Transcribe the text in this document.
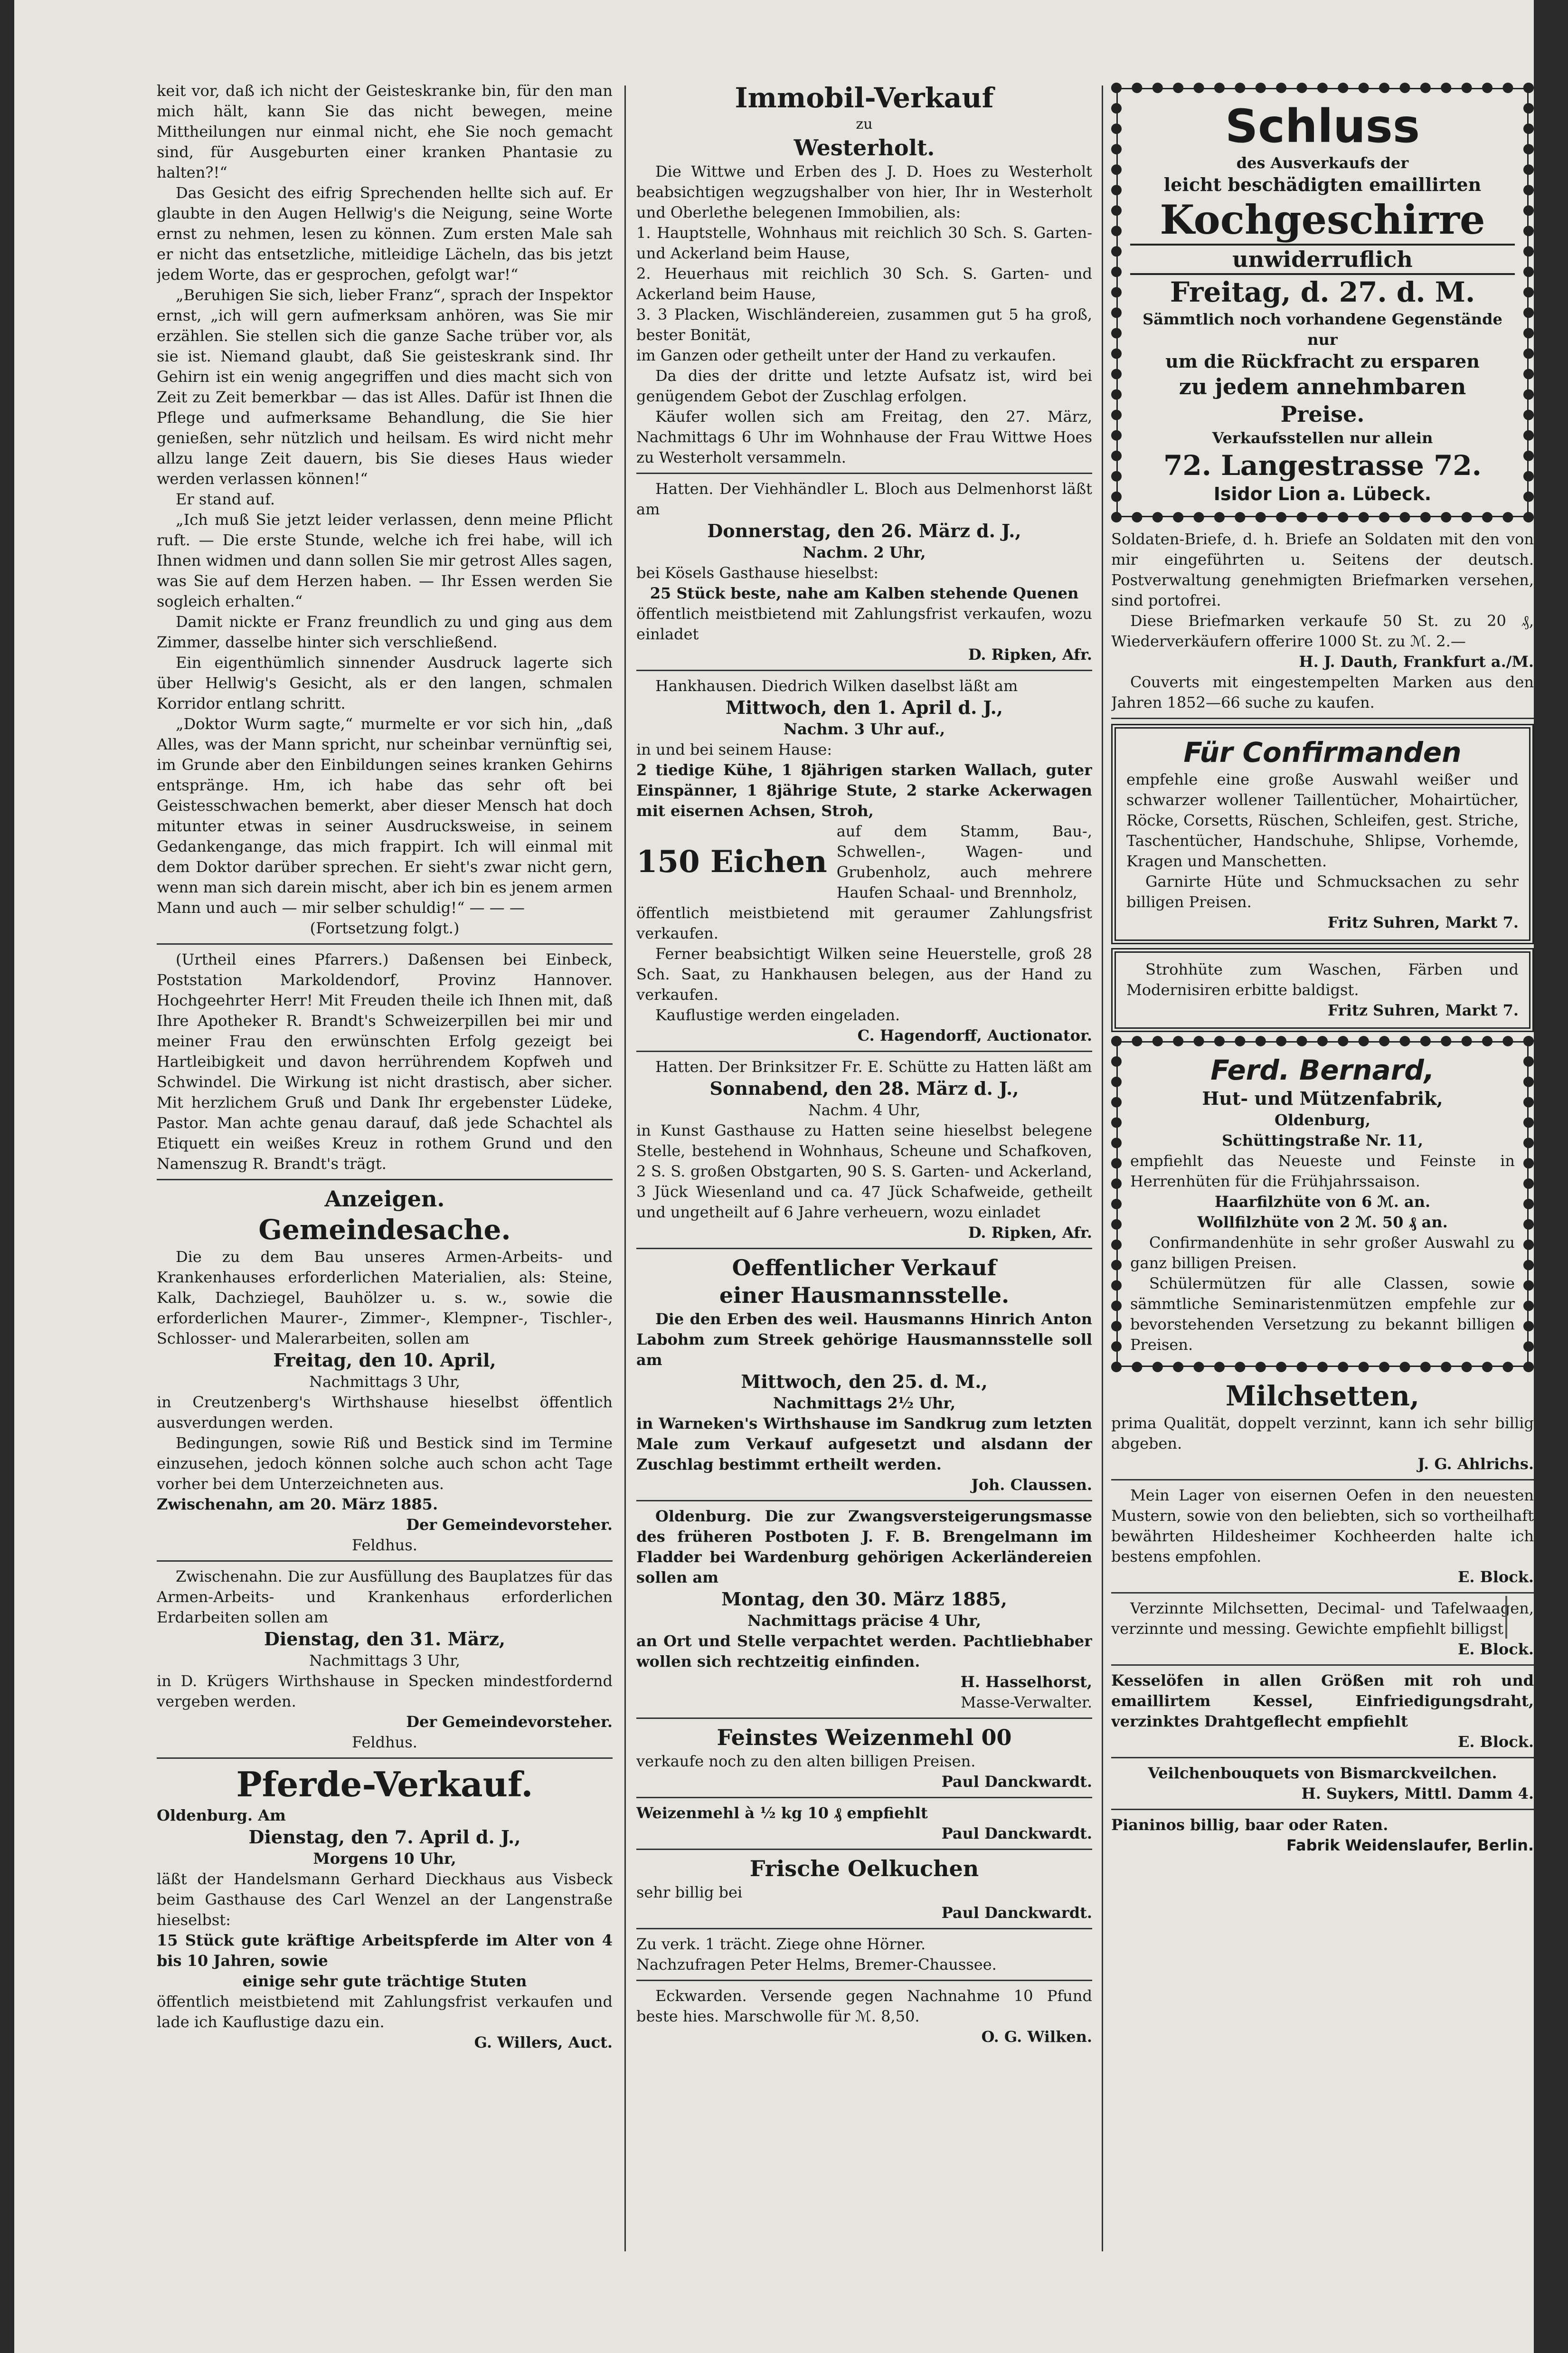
keit vor, daß ich nicht der Geisteskranke bin, für den man mich hält, kann Sie das nicht bewegen, meine Mittheilungen nur einmal nicht, ehe Sie noch gemacht sind, für Ausgeburten einer kranken Phantasie zu halten?!“

Das Gesicht des eifrig Sprechenden hellte sich auf. Er glaubte in den Augen Hellwig's die Neigung, seine Worte ernst zu nehmen, lesen zu können. Zum ersten Male sah er nicht das entsetzliche, mitleidige Lächeln, das bis jetzt jedem Worte, das er gesprochen, gefolgt war!“

„Beruhigen Sie sich, lieber Franz“, sprach der Inspektor ernst, „ich will gern aufmerksam anhören, was Sie mir erzählen. Sie stellen sich die ganze Sache trüber vor, als sie ist. Niemand glaubt, daß Sie geisteskrank sind. Ihr Gehirn ist ein wenig angegriffen und dies macht sich von Zeit zu Zeit bemerkbar — das ist Alles. Dafür ist Ihnen die Pflege und aufmerksame Behandlung, die Sie hier genießen, sehr nützlich und heilsam. Es wird nicht mehr allzu lange Zeit dauern, bis Sie dieses Haus wieder werden verlassen können!“

Er stand auf.

„Ich muß Sie jetzt leider verlassen, denn meine Pflicht ruft. — Die erste Stunde, welche ich frei habe, will ich Ihnen widmen und dann sollen Sie mir getrost Alles sagen, was Sie auf dem Herzen haben. — Ihr Essen werden Sie sogleich erhalten.“

Damit nickte er Franz freundlich zu und ging aus dem Zimmer, dasselbe hinter sich verschließend.

Ein eigenthümlich sinnender Ausdruck lagerte sich über Hellwig's Gesicht, als er den langen, schmalen Korridor entlang schritt.

„Doktor Wurm sagte,“ murmelte er vor sich hin, „daß Alles, was der Mann spricht, nur scheinbar vernünftig sei, im Grunde aber den Einbildungen seines kranken Gehirns entspränge. Hm, ich habe das sehr oft bei Geistesschwachen bemerkt, aber dieser Mensch hat doch mitunter etwas in seiner Ausdrucksweise, in seinem Gedankengange, das mich frappirt. Ich will einmal mit dem Doktor darüber sprechen. Er sieht's zwar nicht gern, wenn man sich darein mischt, aber ich bin es jenem armen Mann und auch — mir selber schuldig!“ — — —

(Fortsetzung folgt.)

(Urtheil eines Pfarrers.) Daßensen bei Einbeck, Poststation Markoldendorf, Provinz Hannover. Hochgeehrter Herr! Mit Freuden theile ich Ihnen mit, daß Ihre Apotheker R. Brandt's Schweizerpillen bei mir und meiner Frau den erwünschten Erfolg gezeigt bei Hartleibigkeit und davon herrührendem Kopfweh und Schwindel. Die Wirkung ist nicht drastisch, aber sicher. Mit herzlichem Gruß und Dank Ihr ergebenster Lüdeke, Pastor. Man achte genau darauf, daß jede Schachtel als Etiquett ein weißes Kreuz in rothem Grund und den Namenszug R. Brandt's trägt.

Anzeigen.

Gemeindesache.

Die zu dem Bau unseres Armen-Arbeits- und Krankenhauses erforderlichen Materialien, als: Steine, Kalk, Dachziegel, Bauhölzer u. s. w., sowie die erforderlichen Maurer-, Zimmer-, Klempner-, Tischler-, Schlosser- und Malerarbeiten, sollen am

Freitag, den 10. April,

Nachmittags 3 Uhr,

in Creutzenberg's Wirthshause hieselbst öffentlich ausverdungen werden.

Bedingungen, sowie Riß und Bestick sind im Termine einzusehen, jedoch können solche auch schon acht Tage vorher bei dem Unterzeichneten aus.

Zwischenahn, am 20. März 1885.

Der Gemeindevorsteher.

Feldhus.

Zwischenahn. Die zur Ausfüllung des Bauplatzes für das Armen-Arbeits- und Krankenhaus erforderlichen Erdarbeiten sollen am

Dienstag, den 31. März,

Nachmittags 3 Uhr,

in D. Krügers Wirthshause in Specken mindestfordernd vergeben werden.

Der Gemeindevorsteher.

Feldhus.

Pferde-Verkauf.

Oldenburg. Am

Dienstag, den 7. April d. J.,

Morgens 10 Uhr,

läßt der Handelsmann Gerhard Dieckhaus aus Visbeck beim Gasthause des Carl Wenzel an der Langenstraße hieselbst:

15 Stück gute kräftige Arbeitspferde im Alter von 4 bis 10 Jahren, sowie

einige sehr gute trächtige Stuten

öffentlich meistbietend mit Zahlungsfrist verkaufen und lade ich Kauflustige dazu ein.

G. Willers, Auct.

Immobil-Verkauf

zu

Westerholt.

Die Wittwe und Erben des J. D. Hoes zu Westerholt beabsichtigen wegzugshalber von hier, Ihr in Westerholt und Oberlethe belegenen Immobilien, als:

1. Hauptstelle, Wohnhaus mit reichlich 30 Sch. S. Garten- und Ackerland beim Hause,

2. Heuerhaus mit reichlich 30 Sch. S. Garten- und Ackerland beim Hause,

3. 3 Placken, Wischländereien, zusammen gut 5 ha groß, bester Bonität,

im Ganzen oder getheilt unter der Hand zu verkaufen.

Da dies der dritte und letzte Aufsatz ist, wird bei genügendem Gebot der Zuschlag erfolgen.

Käufer wollen sich am Freitag, den 27. März, Nachmittags 6 Uhr im Wohnhause der Frau Wittwe Hoes zu Westerholt versammeln.

Hatten. Der Viehhändler L. Bloch aus Delmenhorst läßt am

Donnerstag, den 26. März d. J.,

Nachm. 2 Uhr,

bei Kösels Gasthause hieselbst:

25 Stück beste, nahe am Kalben stehende Quenen

öffentlich meistbietend mit Zahlungsfrist verkaufen, wozu einladet

D. Ripken, Afr.

Hankhausen. Diedrich Wilken daselbst läßt am

Mittwoch, den 1. April d. J.,

Nachm. 3 Uhr auf.,

in und bei seinem Hause:

2 tiedige Kühe, 1 8jährigen starken Wallach, guter Einspänner, 1 8jährige Stute, 2 starke Ackerwagen mit eisernen Achsen, Stroh,

150 Eichen
auf dem Stamm, Bau-, Schwellen-, Wagen- und Grubenholz, auch mehrere Haufen Schaal- und Brennholz,

öffentlich meistbietend mit geraumer Zahlungsfrist verkaufen.

Ferner beabsichtigt Wilken seine Heuerstelle, groß 28 Sch. Saat, zu Hankhausen belegen, aus der Hand zu verkaufen.

Kauflustige werden eingeladen.

C. Hagendorff, Auctionator.

Hatten. Der Brinksitzer Fr. E. Schütte zu Hatten läßt am

Sonnabend, den 28. März d. J.,

Nachm. 4 Uhr,

in Kunst Gasthause zu Hatten seine hieselbst belegene Stelle, bestehend in Wohnhaus, Scheune und Schafkoven, 2 S. S. großen Obstgarten, 90 S. S. Garten- und Ackerland, 3 Jück Wiesenland und ca. 47 Jück Schafweide, getheilt und ungetheilt auf 6 Jahre verheuern, wozu einladet

D. Ripken, Afr.

Oeffentlicher Verkauf

einer Hausmannsstelle.

Die den Erben des weil. Hausmanns Hinrich Anton Labohm zum Streek gehörige Hausmannsstelle soll am

Mittwoch, den 25. d. M.,

Nachmittags 2½ Uhr,

in Warneken's Wirthshause im Sandkrug zum letzten Male zum Verkauf aufgesetzt und alsdann der Zuschlag bestimmt ertheilt werden.

Joh. Claussen.

Oldenburg. Die zur Zwangsversteigerungsmasse des früheren Postboten J. F. B. Brengelmann im Fladder bei Wardenburg gehörigen Ackerländereien sollen am

Montag, den 30. März 1885,

Nachmittags präcise 4 Uhr,

an Ort und Stelle verpachtet werden. Pachtliebhaber wollen sich rechtzeitig einfinden.

H. Hasselhorst,

Masse-Verwalter.

Feinstes Weizenmehl 00

verkaufe noch zu den alten billigen Preisen.

Paul Danckwardt.

Weizenmehl à ½ kg 10 ₰ empfiehlt

Paul Danckwardt.

Frische Oelkuchen

sehr billig bei

Paul Danckwardt.

Zu verk. 1 trächt. Ziege ohne Hörner.

Nachzufragen Peter Helms, Bremer-Chaussee.

Eckwarden. Versende gegen Nachnahme 10 Pfund beste hies. Marschwolle für ℳ. 8,50.

O. G. Wilken.

Schluss

des Ausverkaufs der

leicht beschädigten emaillirten

Kochgeschirre

unwiderruflich

Freitag, d. 27. d. M.

Sämmtlich noch vorhandene Gegenstände nur

um die Rückfracht zu ersparen

zu jedem annehmbaren

Preise.

Verkaufsstellen nur allein

72. Langestrasse 72.

Isidor Lion a. Lübeck.

Soldaten-Briefe, d. h. Briefe an Soldaten mit den von mir eingeführten u. Seitens der deutsch. Postverwaltung genehmigten Briefmarken versehen, sind portofrei.

Diese Briefmarken verkaufe 50 St. zu 20 ₰, Wiederverkäufern offerire 1000 St. zu ℳ. 2.—

H. J. Dauth, Frankfurt a./M.

Couverts mit eingestempelten Marken aus den Jahren 1852—66 suche zu kaufen.

Für Confirmanden

empfehle eine große Auswahl weißer und schwarzer wollener Taillentücher, Mohairtücher, Röcke, Corsetts, Rüschen, Schleifen, gest. Striche, Taschentücher, Handschuhe, Shlipse, Vorhemde, Kragen und Manschetten.

Garnirte Hüte und Schmucksachen zu sehr billigen Preisen.

Fritz Suhren, Markt 7.

Strohhüte zum Waschen, Färben und Modernisiren erbitte baldigst.

Fritz Suhren, Markt 7.

Ferd. Bernard,

Hut- und Mützenfabrik,

Oldenburg,

Schüttingstraße Nr. 11,

empfiehlt das Neueste und Feinste in Herrenhüten für die Frühjahrssaison.

Haarfilzhüte von 6 ℳ. an.

Wollfilzhüte von 2 ℳ. 50 ₰ an.

Confirmandenhüte in sehr großer Auswahl zu ganz billigen Preisen.

Schülermützen für alle Classen, sowie sämmtliche Seminaristenmützen empfehle zur bevorstehenden Versetzung zu bekannt billigen Preisen.

Milchsetten,

prima Qualität, doppelt verzinnt, kann ich sehr billig abgeben.

J. G. Ahlrichs.

Mein Lager von eisernen Oefen in den neuesten Mustern, sowie von den beliebten, sich so vortheilhaft bewährten Hildesheimer Kochheerden halte ich bestens empfohlen.

E. Block.

Verzinnte Milchsetten, Decimal- und Tafelwaagen, verzinnte und messing. Gewichte empfiehlt billigst

E. Block.

Kesselöfen in allen Größen mit roh und emaillirtem Kessel, Einfriedigungsdraht, verzinktes Drahtgeflecht empfiehlt

E. Block.

Veilchenbouquets von Bismarckveilchen.

H. Suykers, Mittl. Damm 4.

Pianinos billig, baar oder Raten.

Fabrik Weidenslaufer, Berlin.
